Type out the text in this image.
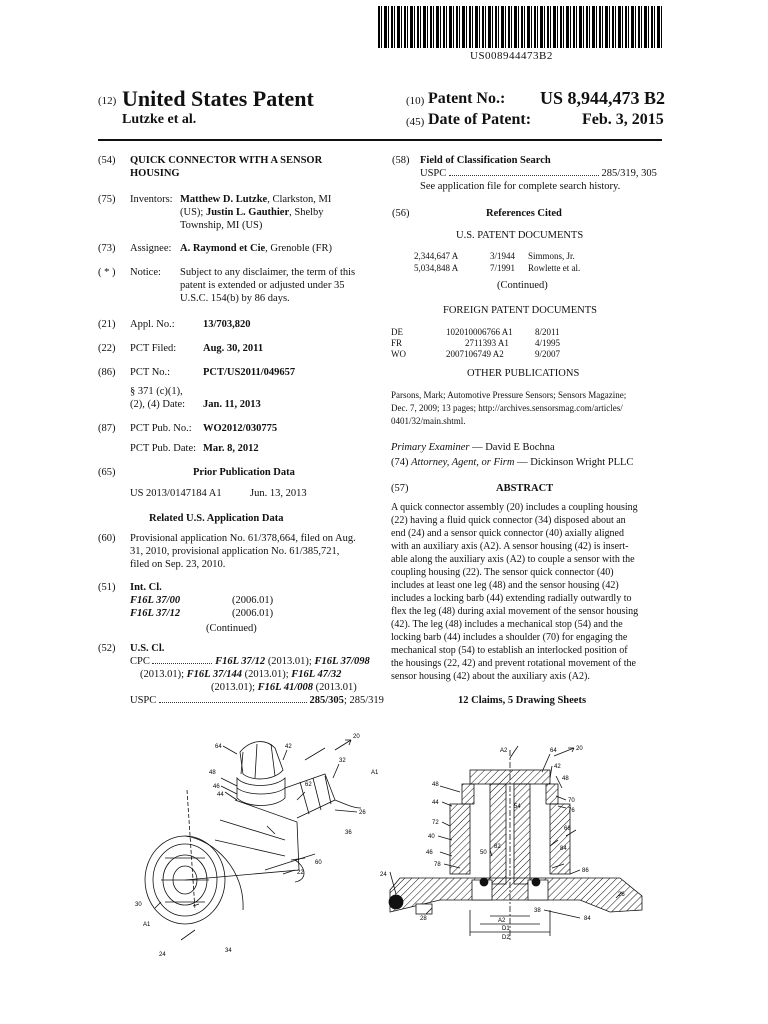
US008944473B2
(12) United States Patent
Lutzke et al.
(10) Patent No.: US 8,944,473 B2
(45) Date of Patent:	Feb. 3, 2015
(54) QUICK CONNECTOR WITH A SENSOR
HOUSING
(75) Inventors: Matthew D. Lutzke, Clarkston, MI
(US); Justin L. Gauthier, Shelby
Township, MI (US)
(73) Assignee: A. Raymond et Cie, Grenoble (FR)
( * ) Notice: Subject to any disclaimer, the term of this
patent is extended or adjusted under 35
U.S.C. 154(b) by 86 days.
(21) Appl. No.:	13/703,820
(22) PCT Filed:	Aug. 30, 2011
(86) PCT No.:	PCT/US2011/049657
§ 371 (c)(1),
(2), (4) Date: Jan. 11, 2013
(87) PCT Pub. No.: WO2012/030775
PCT Pub. Date: Mar. 8, 2012
(65)	Prior Publication Data
US 2013/0147184 A1	Jun. 13, 2013
Related U.S. Application Data
(60) Provisional application No. 61/378,664, filed on Aug.
31, 2010, provisional application No. 61/385,721,
filed on Sep. 23, 2010.
(51) Int. Cl.
F16L 37/00	(2006.01)
F16L 37/12	(2006.01)
(Continued)
(52) U.S. Cl.
CPC	F16L 37/12 (2013.01); F16L 37/098
(2013.01); F16L 37/144 (2013.01); F16L 47/32
(2013.01); F16L 41/008 (2013.01)
USPC	285/305; 285/319
(58) Field of Classification Search
USPC	285/319, 305
See application file for complete search history.
(56)	References Cited
U.S. PATENT DOCUMENTS
2,344,647 A	3/1944 Simmons, Jr.
5,034,848 A	7/1991 Rowlette et al.
(Continued)
FOREIGN PATENT DOCUMENTS
DE	102010006766 A1 8/2011
FR	2711393 A1	4/1995
WO	2007106749 A2	9/2007
OTHER PUBLICATIONS
Parsons, Mark; Automotive Pressure Sensors; Sensors Magazine;
Dec. 7, 2009; 13 pages; http://archives.sensorsmag.com/articles/
0401/32/main.shtml.
Primary Examiner — David E Bochna
(74) Attorney, Agent, or Firm — Dickinson Wright PLLC
(57)	ABSTRACT
A quick connector assembly (20) includes a coupling housing
(22) having a fluid quick connector (34) disposed about an
end (24) and a sensor quick connector (40) axially aligned
with an auxiliary axis (A2). A sensor housing (42) is insert-
able along the auxiliary axis (A2) to couple a sensor with the
coupling housing (22). The sensor quick connector (40)
includes at least one leg (48) and the sensor housing (42)
includes a locking barb (44) extending radially outwardly to
flex the leg (48) during axial movement of the sensor housing
(42). The leg (48) includes a mechanical stop (54) and the
locking barb (44) includes a shoulder (70) for engaging the
mechanical stop (54) to establish an interlocked position of
the housings (22, 42) and prevent rotational movement of the
sensor housing (42) about the auxiliary axis (A2).
12 Claims, 5 Drawing Sheets
64	42
20
32
A1
48
46
44
62
26
36
60
22
30
A1
34
24
20
A2	64
42
48
48
70
76
44
54
66
72
40
78
46	50
82	84
86
26
24
28
38
A2
D1
D2
84
